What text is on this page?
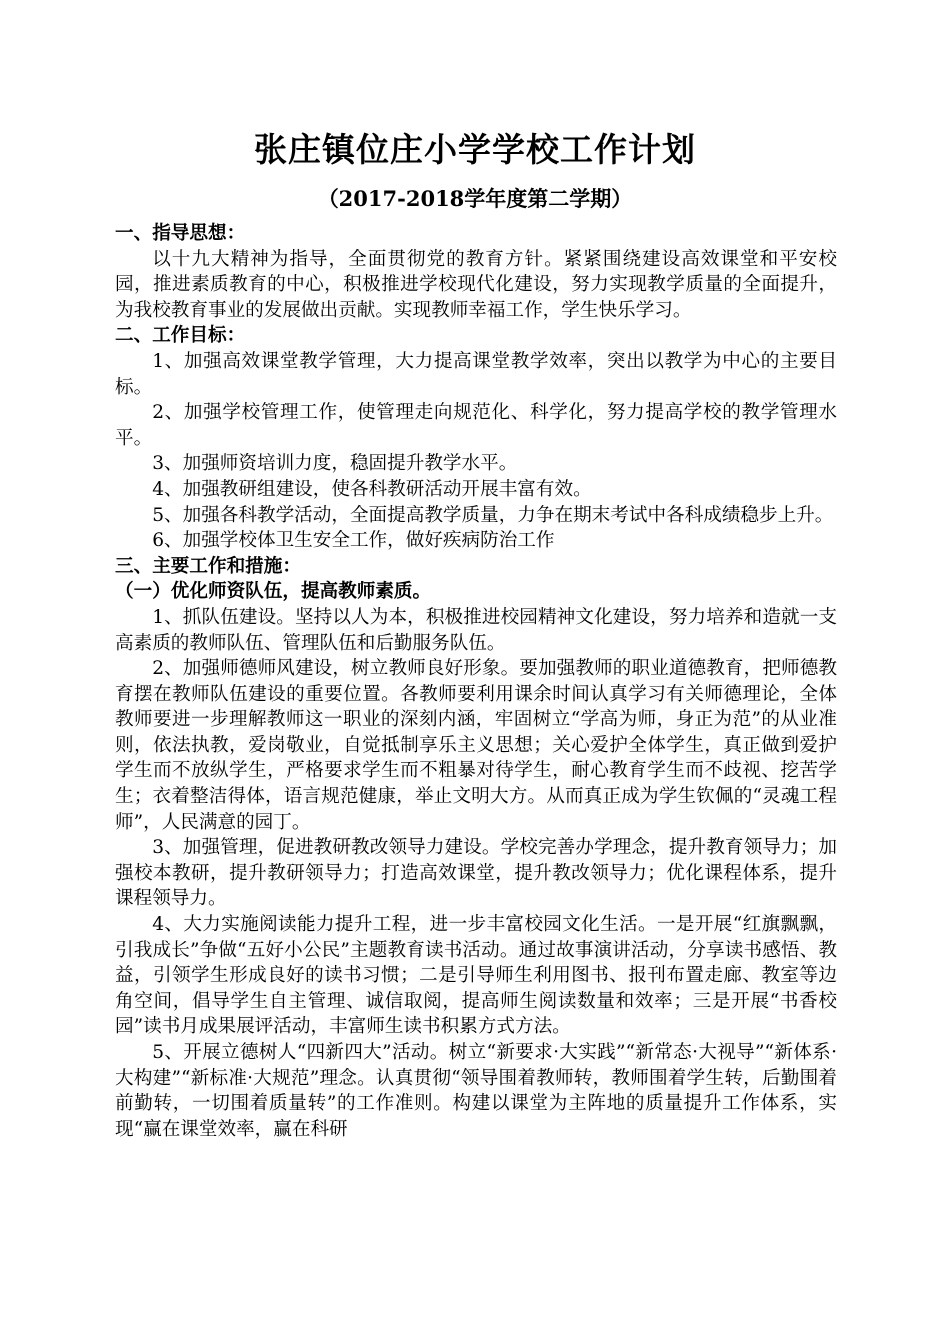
张庄镇位庄小学学校工作计划
（2017-2018学年度第二学期）

一、指导思想：

以十九大精神为指导，全面贯彻党的教育方针。紧紧围绕建设高效课堂和平安校园，推进素质教育的中心，积极推进学校现代化建设，努力实现教学质量的全面提升，为我校教育事业的发展做出贡献。实现教师幸福工作，学生快乐学习。

二、工作目标：

1、加强高效课堂教学管理，大力提高课堂教学效率，突出以教学为中心的主要目标。

2、加强学校管理工作，使管理走向规范化、科学化，努力提高学校的教学管理水平。

3、加强师资培训力度，稳固提升教学水平。

4、加强教研组建设，使各科教研活动开展丰富有效。

5、加强各科教学活动，全面提高教学质量，力争在期末考试中各科成绩稳步上升。

6、加强学校体卫生安全工作，做好疾病防治工作

三、主要工作和措施：

（一）优化师资队伍，提高教师素质。

1、抓队伍建设。坚持以人为本，积极推进校园精神文化建设，努力培养和造就一支高素质的教师队伍、管理队伍和后勤服务队伍。

2、加强师德师风建设，树立教师良好形象。要加强教师的职业道德教育，把师德教育摆在教师队伍建设的重要位置。各教师要利用课余时间认真学习有关师德理论，全体教师要进一步理解教师这一职业的深刻内涵，牢固树立“学高为师，身正为范”的从业准则，依法执教，爱岗敬业，自觉抵制享乐主义思想；关心爱护全体学生，真正做到爱护学生而不放纵学生，严格要求学生而不粗暴对待学生，耐心教育学生而不歧视、挖苦学生；衣着整洁得体，语言规范健康，举止文明大方。从而真正成为学生钦佩的“灵魂工程师”，人民满意的园丁。

3、加强管理，促进教研教改领导力建设。学校完善办学理念，提升教育领导力；加强校本教研，提升教研领导力；打造高效课堂，提升教改领导力；优化课程体系，提升课程领导力。

4、大力实施阅读能力提升工程，进一步丰富校园文化生活。一是开展“红旗飘飘，引我成长”争做“五好小公民”主题教育读书活动。通过故事演讲活动，分享读书感悟、教益，引领学生形成良好的读书习惯；二是引导师生利用图书、报刊布置走廊、教室等边角空间，倡导学生自主管理、诚信取阅，提高师生阅读数量和效率；三是开展“书香校园”读书月成果展评活动，丰富师生读书积累方式方法。

5、开展立德树人“四新四大”活动。树立“新要求·大实践”“新常态·大视导”“新体系·大构建”“新标准·大规范”理念。认真贯彻“领导围着教师转，教师围着学生转，后勤围着前勤转，一切围着质量转”的工作准则。构建以课堂为主阵地的质量提升工作体系，实现“赢在课堂效率，赢在科研
